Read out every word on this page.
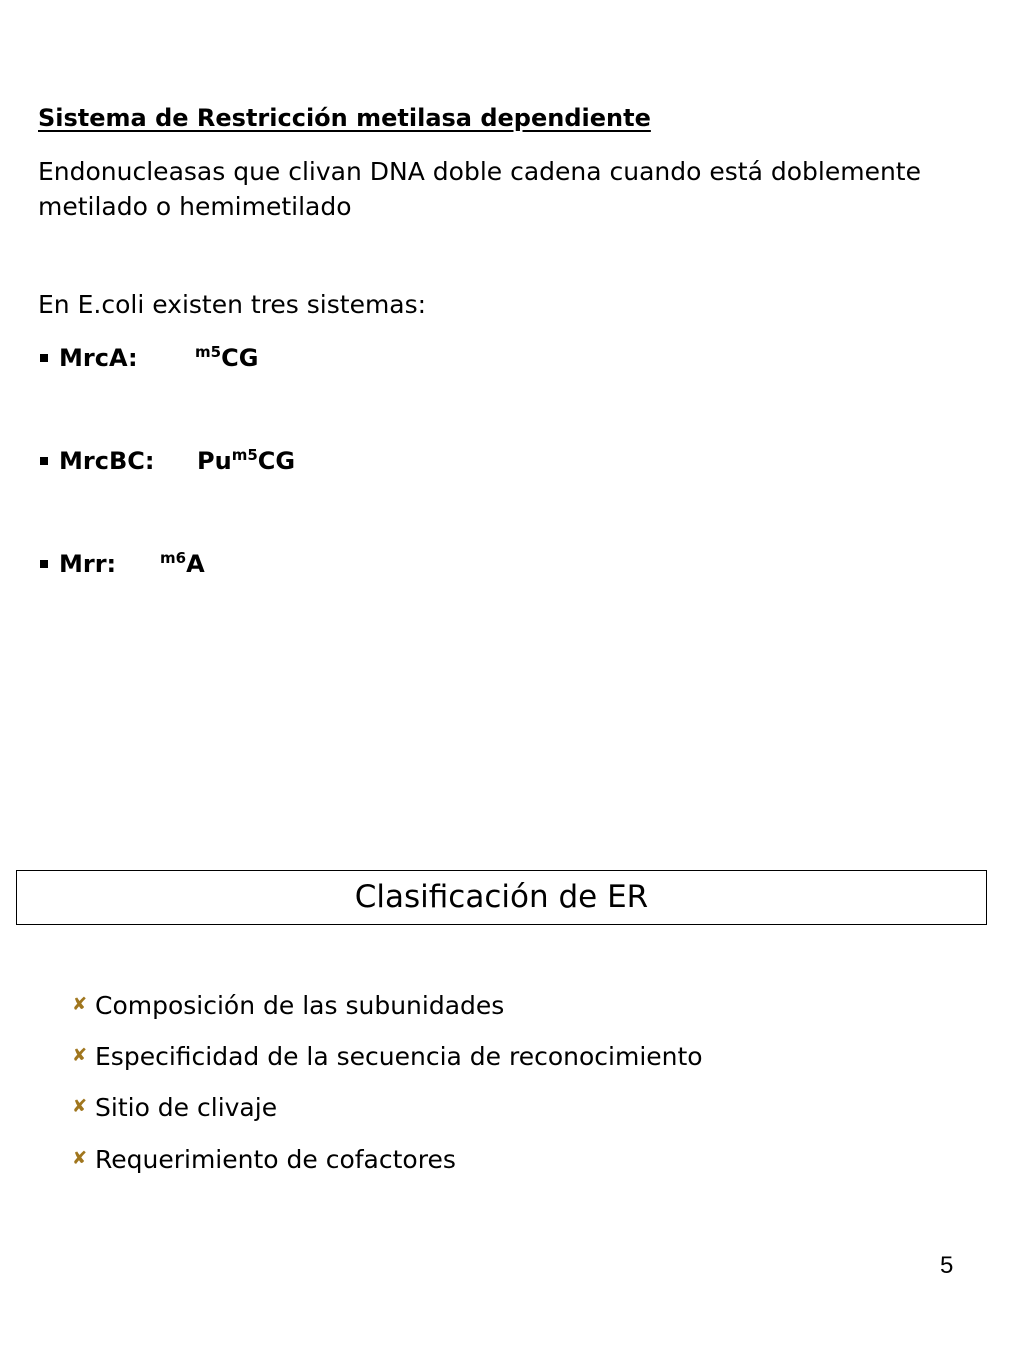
Sistema de Restricción metilasa dependiente
Endonucleasas que clivan DNA doble cadena cuando está doblemente metilado o hemimetilado
En E.coli existen tres sistemas:
MrcA:	$^{m5}$CG
MrcBC: $Pu^{m5}CG$
Mrr:	$^{m6}$A
Clasificación de ER
✘ Composición de las subunidades
✘ Especificidad de la secuencia de reconocimiento
✘ Sitio de clivaje
✘ Requerimiento de cofactores
5
